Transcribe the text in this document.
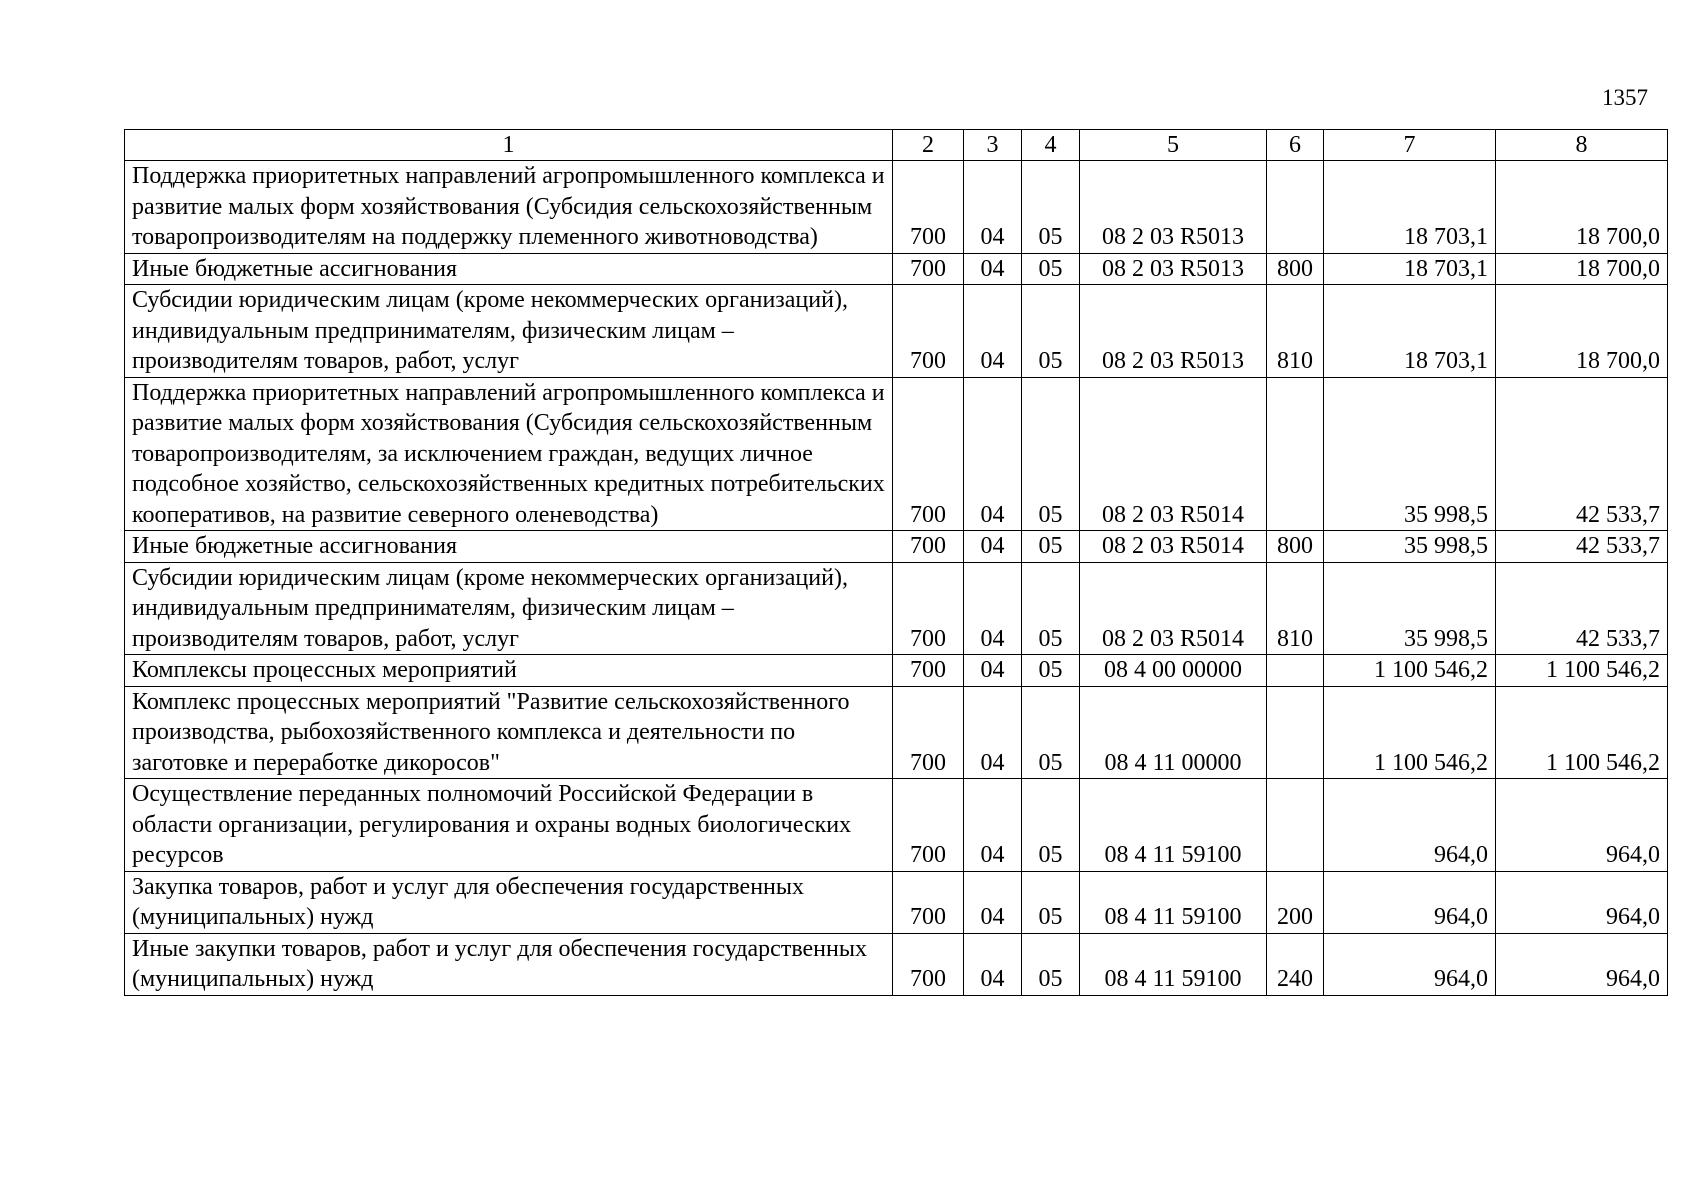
1357
1	2	3	4	5	6	7	8
Поддержка приоритетных направлений агропромышленного комплекса и развитие малых форм хозяйствования (Субсидия сельскохозяйственным товаропроизводителям на поддержку племенного животноводства)	700	04	05	08 2 03 R5013		18 703,1	18 700,0
Иные бюджетные ассигнования	700	04	05	08 2 03 R5013	800	18 703,1	18 700,0
Субсидии юридическим лицам (кроме некоммерческих организаций), индивидуальным предпринимателям, физическим лицам – производителям товаров, работ, услуг	700	04	05	08 2 03 R5013	810	18 703,1	18 700,0
Поддержка приоритетных направлений агропромышленного комплекса и развитие малых форм хозяйствования (Субсидия сельскохозяйственным товаропроизводителям, за исключением граждан, ведущих личное подсобное хозяйство, сельскохозяйственных кредитных потребительских кооперативов, на развитие северного оленеводства)	700	04	05	08 2 03 R5014		35 998,5	42 533,7
Иные бюджетные ассигнования	700	04	05	08 2 03 R5014	800	35 998,5	42 533,7
Субсидии юридическим лицам (кроме некоммерческих организаций), индивидуальным предпринимателям, физическим лицам – производителям товаров, работ, услуг	700	04	05	08 2 03 R5014	810	35 998,5	42 533,7
Комплексы процессных мероприятий	700	04	05	08 4 00 00000		1 100 546,2	1 100 546,2
Комплекс процессных мероприятий "Развитие сельскохозяйственного производства, рыбохозяйственного комплекса и деятельности по заготовке и переработке дикоросов"	700	04	05	08 4 11 00000		1 100 546,2	1 100 546,2
Осуществление переданных полномочий Российской Федерации в области организации, регулирования и охраны водных биологических ресурсов	700	04	05	08 4 11 59100		964,0	964,0
Закупка товаров, работ и услуг для обеспечения государственных (муниципальных) нужд	700	04	05	08 4 11 59100	200	964,0	964,0
Иные закупки товаров, работ и услуг для обеспечения государственных (муниципальных) нужд	700	04	05	08 4 11 59100	240	964,0	964,0
